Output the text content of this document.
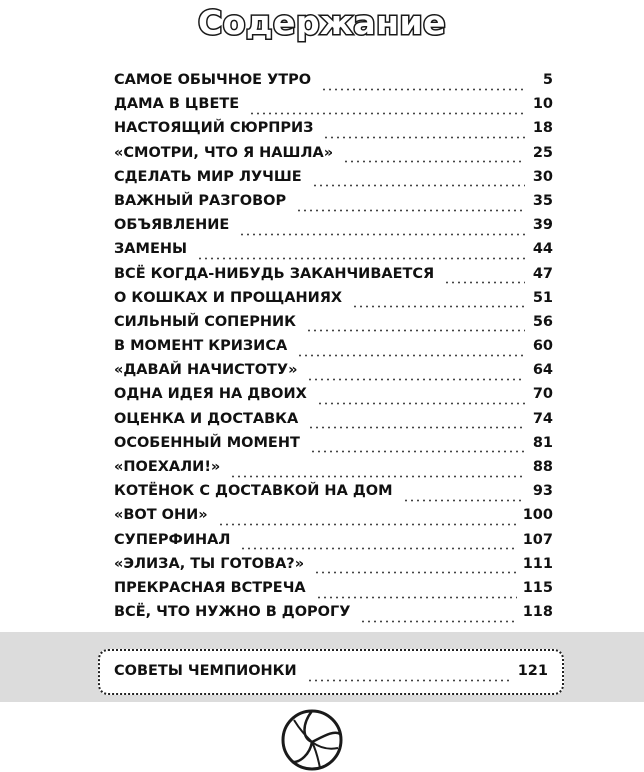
Содержание
САМОЕ ОБЫЧНОЕ УТРО	5
ДАМА В ЦВЕТЕ	10
НАСТОЯЩИЙ СЮРПРИЗ	18
«СМОТРИ, ЧТО Я НАШЛА»	25
СДЕЛАТЬ МИР ЛУЧШЕ	30
ВАЖНЫЙ РАЗГОВОР	35
ОБЪЯВЛЕНИЕ	39
ЗАМЕНЫ	44
ВСЁ КОГДА-НИБУДЬ ЗАКАНЧИВАЕТСЯ	47
О КОШКАХ И ПРОЩАНИЯХ	51
СИЛЬНЫЙ СОПЕРНИК	56
В МОМЕНТ КРИЗИСА	60
«ДАВАЙ НАЧИСТОТУ»	64
ОДНА ИДЕЯ НА ДВОИХ	70
ОЦЕНКА И ДОСТАВКА	74
ОСОБЕННЫЙ МОМЕНТ	81
«ПОЕХАЛИ!»	88
КОТЁНОК С ДОСТАВКОЙ НА ДОМ	93
«ВОТ ОНИ»	100
СУПЕРФИНАЛ	107
«ЭЛИЗА, ТЫ ГОТОВА?»	111
ПРЕКРАСНАЯ ВСТРЕЧА	115
ВСЁ, ЧТО НУЖНО В ДОРОГУ	118
СОВЕТЫ ЧЕМПИОНКИ	121
